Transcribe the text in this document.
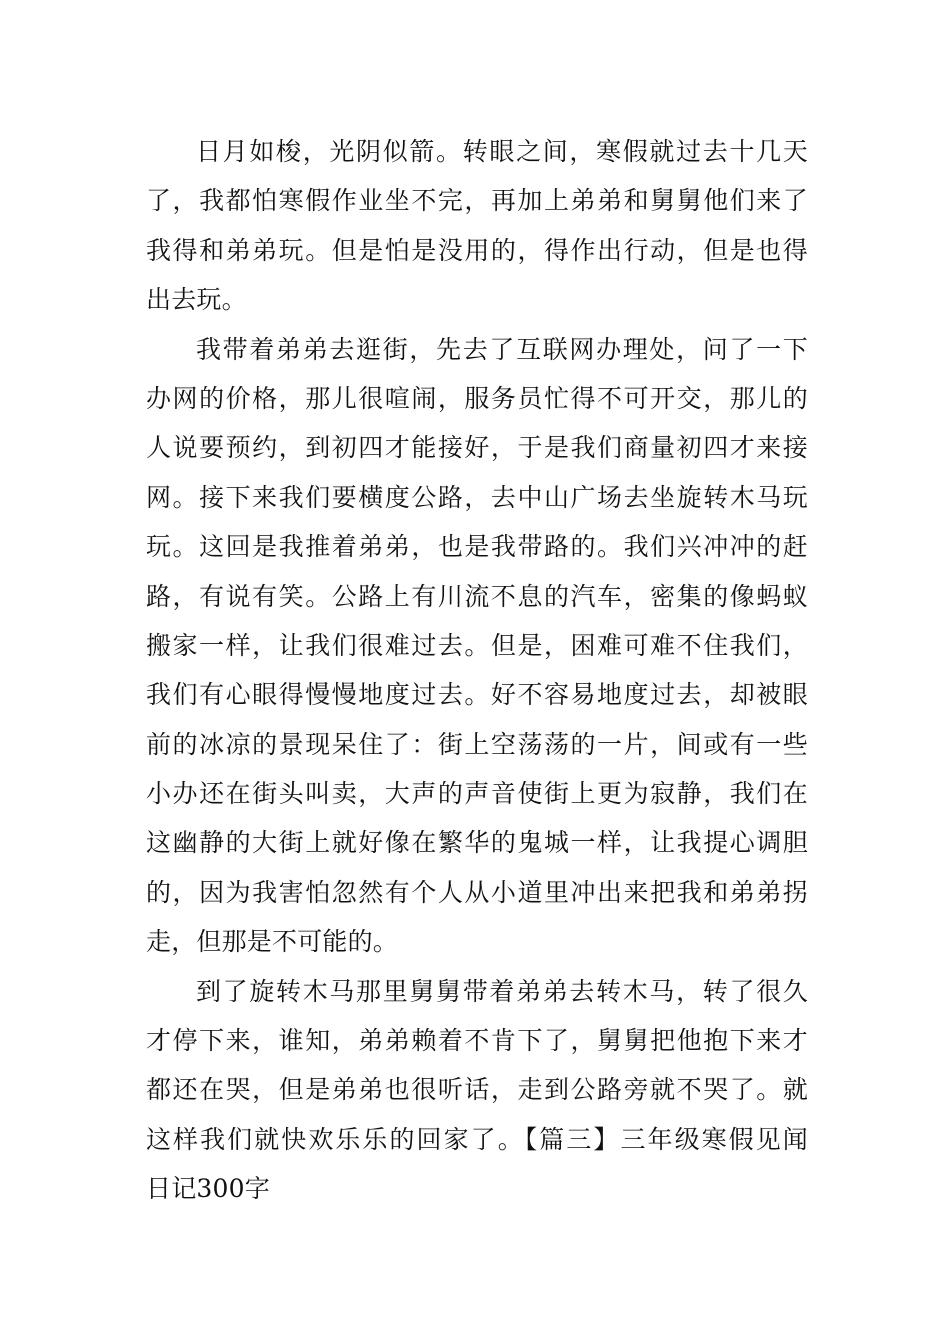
日月如梭，光阴似箭。转眼之间，寒假就过去十几天
了，我都怕寒假作业坐不完，再加上弟弟和舅舅他们来了
我得和弟弟玩。但是怕是没用的，得作出行动，但是也得
出去玩。
我带着弟弟去逛街，先去了互联网办理处，问了一下
办网的价格，那儿很喧闹，服务员忙得不可开交，那儿的
人说要预约，到初四才能接好，于是我们商量初四才来接
网。接下来我们要横度公路，去中山广场去坐旋转木马玩
玩。这回是我推着弟弟，也是我带路的。我们兴冲冲的赶
路，有说有笑。公路上有川流不息的汽车，密集的像蚂蚁
搬家一样，让我们很难过去。但是，困难可难不住我们，
我们有心眼得慢慢地度过去。好不容易地度过去，却被眼
前的冰凉的景现呆住了：街上空荡荡的一片，间或有一些
小办还在街头叫卖，大声的声音使街上更为寂静，我们在
这幽静的大街上就好像在繁华的鬼城一样，让我提心调胆
的，因为我害怕忽然有个人从小道里冲出来把我和弟弟拐
走，但那是不可能的。
到了旋转木马那里舅舅带着弟弟去转木马，转了很久
才停下来，谁知，弟弟赖着不肯下了，舅舅把他抱下来才
都还在哭，但是弟弟也很听话，走到公路旁就不哭了。就
这样我们就快欢乐乐的回家了。【篇三】三年级寒假见闻
日记300字
